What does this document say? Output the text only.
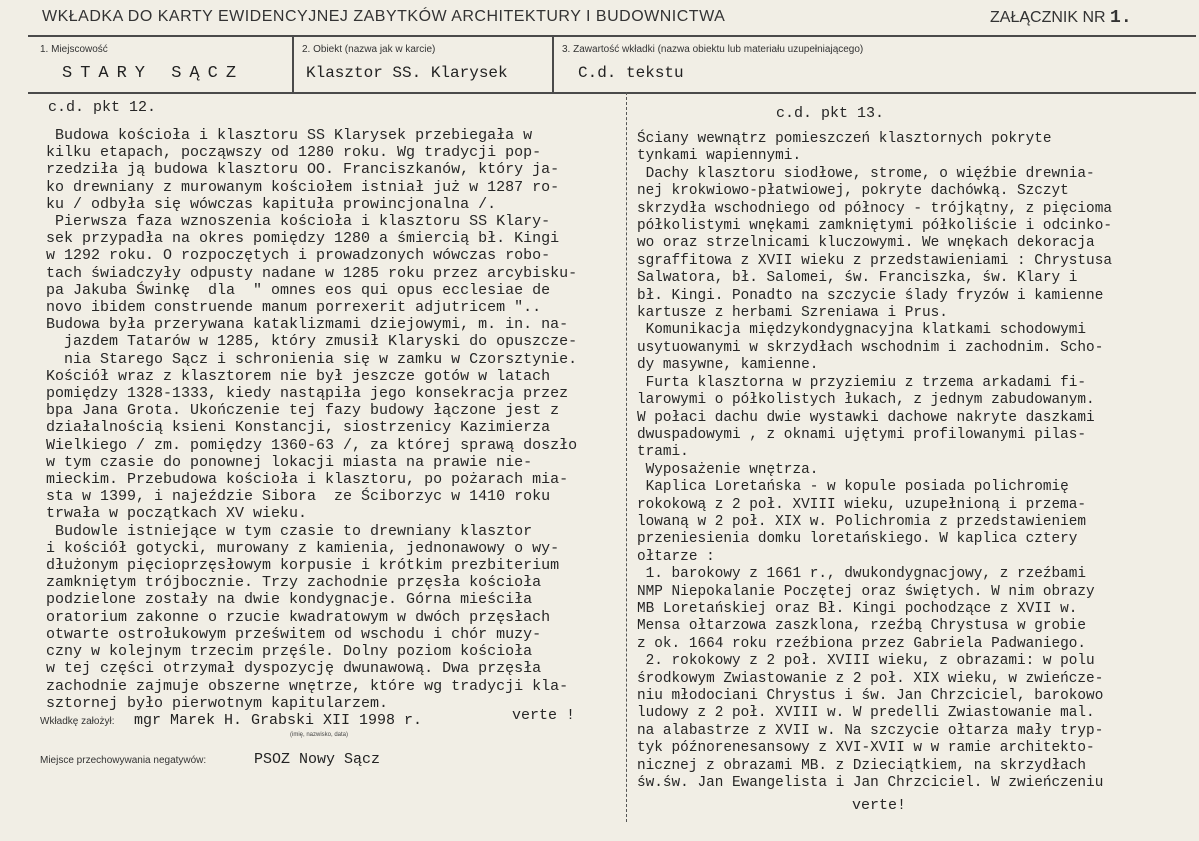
WKŁADKA DO KARTY EWIDENCYJNEJ ZABYTKÓW ARCHITEKTURY I BUDOWNICTWA	ZAŁĄCZNIK NR 1.
1. Miejscowość
STARY SĄCZ
2. Obiekt (nazwa jak w karcie)
Klasztor SS. Klarysek
3. Zawartość wkładki (nazwa obiektu lub materiału uzupełniającego)
C.d. tekstu
c.d. pkt 12.
Budowa kościoła i klasztoru SS Klarysek przebiegała w
kilku etapach, począwszy od 1280 roku. Wg tradycji pop-
rzedziła ją budowa klasztoru OO. Franciszkanów, który ja-
ko drewniany z murowanym kościołem istniał już w 1287 ro-
ku / odbyła się wówczas kapituła prowincjonalna /.
Pierwsza faza wznoszenia kościoła i klasztoru SS Klary-
sek przypadła na okres pomiędzy 1280 a śmiercią bł. Kingi
w 1292 roku. O rozpoczętych i prowadzonych wówczas robo-
tach świadczyły odpusty nadane w 1285 roku przez arcybisku-
pa Jakuba Świnkę  dla  " omnes eos qui opus ecclesiae de
novo ibidem construende manum porrexerit adjutricem "..
Budowa była przerywana kataklizmami dziejowymi, m. in. na-
jazdem Tatarów w 1285, który zmusił Klaryski do opuszcze-
nia Starego Sącz i schronienia się w zamku w Czorsztynie.
Kościół wraz z klasztorem nie był jeszcze gotów w latach
pomiędzy 1328-1333, kiedy nastąpiła jego konsekracja przez
bpa Jana Grota. Ukończenie tej fazy budowy łączone jest z
działalnością ksieni Konstancji, siostrzenicy Kazimierza
Wielkiego / zm. pomiędzy 1360-63 /, za której sprawą doszło
w tym czasie do ponownej lokacji miasta na prawie nie-
mieckim. Przebudowa kościoła i klasztoru, po pożarach mia-
sta w 1399, i najeździe Sibora  ze Ściborzyc w 1410 roku
trwała w początkach XV wieku.
Budowle istniejące w tym czasie to drewniany klasztor
i kościół gotycki, murowany z kamienia, jednonawowy o wy-
dłużonym pięcioprzęsłowym korpusie i krótkim prezbiterium
zamkniętym trójbocznie. Trzy zachodnie przęsła kościoła
podzielone zostały na dwie kondygnacje. Górna mieściła
oratorium zakonne o rzucie kwadratowym w dwóch przęsłach
otwarte ostrołukowym prześwitem od wschodu i chór muzy-
czny w kolejnym trzecim przęśle. Dolny poziom kościoła
w tej części otrzymał dyspozycję dwunawową. Dwa przęsła
zachodnie zajmuje obszerne wnętrze, które wg tradycji kla-
sztornej było pierwotnym kapitularzem.
verte !
Wkładkę założył: mgr Marek H. Grabski XII 1998 r.
(imię, nazwisko, data)
Miejsce przechowywania negatywów:	PSOZ Nowy Sącz
c.d. pkt 13.
Ściany wewnątrz pomieszczeń klasztornych pokryte
tynkami wapiennymi.
Dachy klasztoru siodłowe, strome, o więźbie drewnia-
nej krokwiowo-płatwiowej, pokryte dachówką. Szczyt
skrzydła wschodniego od północy - trójkątny, z pięcioma
półkolistymi wnękami zamkniętymi półkoliście i odcinko-
wo oraz strzelnicami kluczowymi. We wnękach dekoracja
sgraffitowa z XVII wieku z przedstawieniami : Chrystusa
Salwatora, bł. Salomei, św. Franciszka, św. Klary i
bł. Kingi. Ponadto na szczycie ślady fryzów i kamienne
kartusze z herbami Szreniawa i Prus.
Komunikacja międzykondygnacyjna klatkami schodowymi
usytuowanymi w skrzydłach wschodnim i zachodnim. Scho-
dy masywne, kamienne.
Furta klasztorna w przyziemiu z trzema arkadami fi-
larowymi o półkolistych łukach, z jednym zabudowanym.
W połaci dachu dwie wystawki dachowe nakryte daszkami
dwuspadowymi , z oknami ujętymi profilowanymi pilas-
trami.
Wyposażenie wnętrza.
Kaplica Loretańska - w kopule posiada polichromię
rokokową z 2 poł. XVIII wieku, uzupełnioną i przema-
lowaną w 2 poł. XIX w. Polichromia z przedstawieniem
przeniesienia domku loretańskiego. W kaplica cztery
ołtarze :
1. barokowy z 1661 r., dwukondygnacjowy, z rzeźbami
NMP Niepokalanie Poczętej oraz świętych. W nim obrazy
MB Loretańskiej oraz Bł. Kingi pochodzące z XVII w.
Mensa ołtarzowa zaszklona, rzeźbą Chrystusa w grobie
z ok. 1664 roku rzeźbiona przez Gabriela Padwaniego.
2. rokokowy z 2 poł. XVIII wieku, z obrazami: w polu
środkowym Zwiastowanie z 2 poł. XIX wieku, w zwieńcze-
niu młodociani Chrystus i św. Jan Chrzciciel, barokowo
ludowy z 2 poł. XVIII w. W predelli Zwiastowanie mal.
na alabastrze z XVII w. Na szczycie ołtarza mały tryp-
tyk późnorenesansowy z XVI-XVII w w ramie architekto-
nicznej z obrazami MB. z Dzieciątkiem, na skrzydłach
św.św. Jan Ewangelista i Jan Chrzciciel. W zwieńczeniu
verte!
